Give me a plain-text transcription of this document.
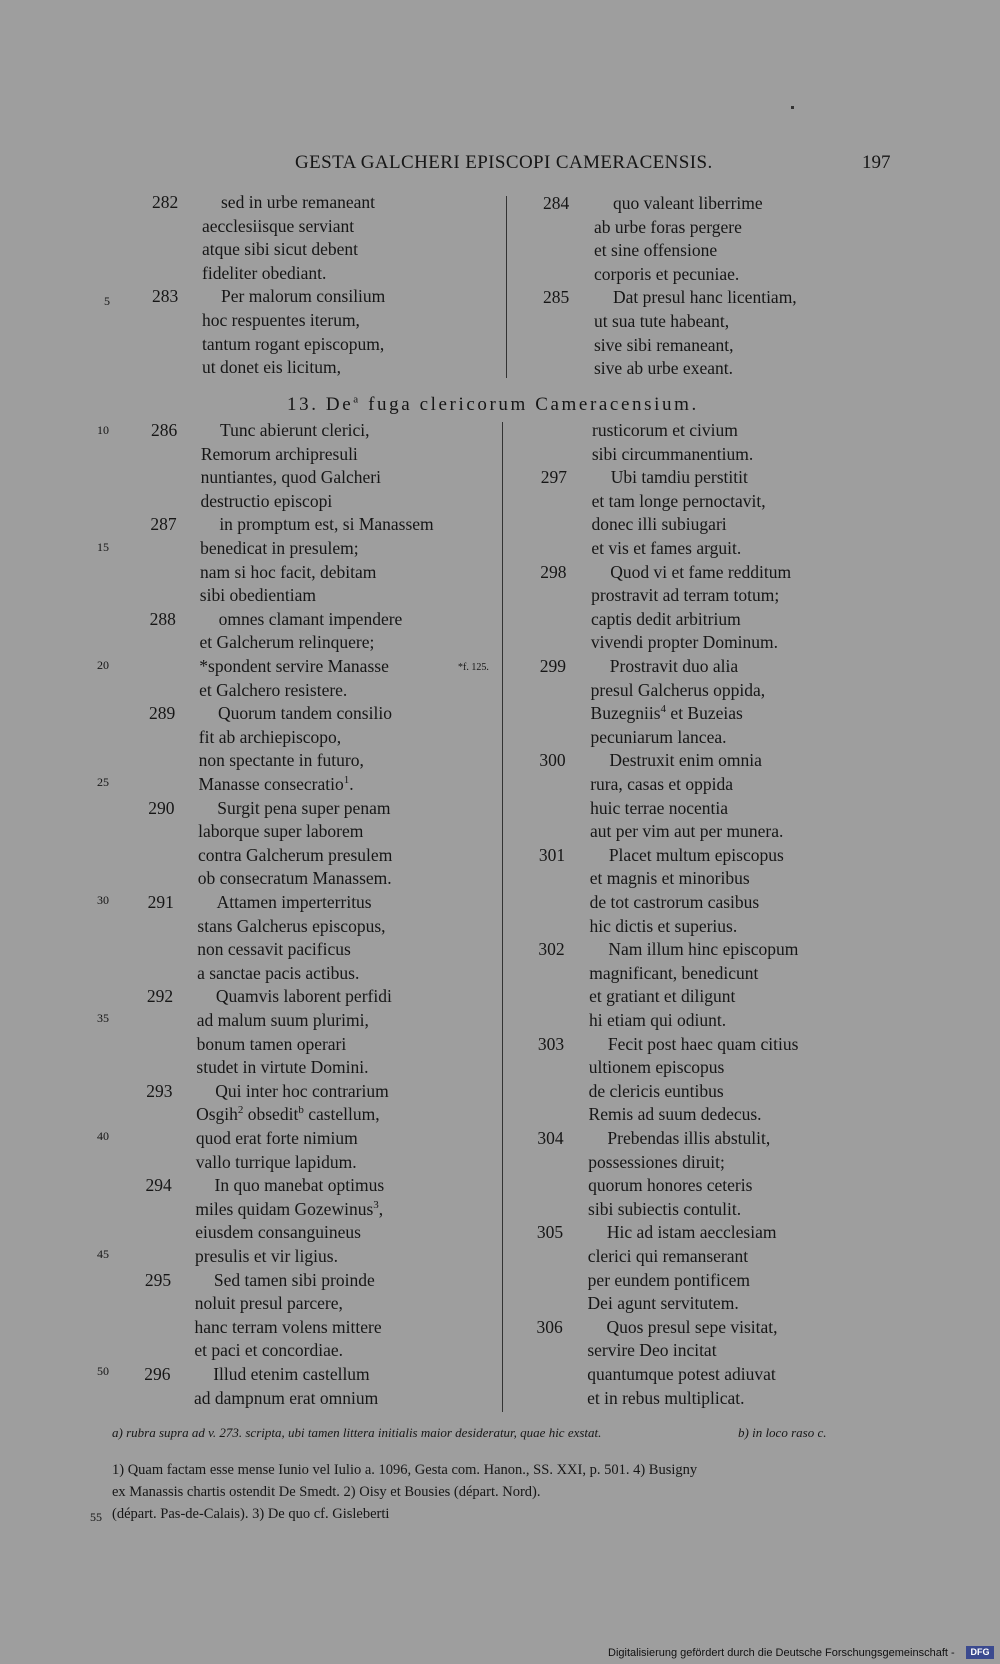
GESTA GALCHERI EPISCOPI CAMERACENSIS.	197
282 sed in urbe remaneant
aecclesiisque serviant
atque sibi sicut debent
fideliter obediant.
283 Per malorum consilium
hoc respuentes iterum,
tantum rogant episcopum,
ut donet eis licitum,
284	quo valeant liberrime
ab urbe foras pergere
et sine offensione
corporis et pecuniae.
285	Dat presul hanc licentiam,
ut sua tute habeant,
sive sibi remaneant,
sive ab urbe exeant.
13. De$^a$ fuga clericorum Cameracensium.
286 Tunc abierunt clerici,
Remorum archipresuli
nuntiantes, quod Galcheri
destructio episcopi
287 in promptum est, si Manassem
benedicat in presulem;
nam si hoc facit, debitam
sibi obedientiam
288 omnes clamant impendere
et Galcherum relinquere;
*spondent servire Manasse
et Galchero resistere.
289 Quorum tandem consilio
fit ab archiepiscopo,
non spectante in futuro,
Manasse consecratio$^1$.
290 Surgit pena super penam
laborque super laborem
contra Galcherum presulem
ob consecratum Manassem.
291 Attamen imperterritus
stans Galcherus episcopus,
non cessavit pacificus
a sanctae pacis actibus.
292 Quamvis laborent perfidi
ad malum suum plurimi,
bonum tamen operari
studet in virtute Domini.
293 Qui inter hoc contrarium
Osgih$^2$ obsedit$^b$ castellum,
quod erat forte nimium
vallo turrique lapidum.
294 In quo manebat optimus
miles quidam Gozewinus$^3$,
eiusdem consanguineus
presulis et vir ligius.
295 Sed tamen sibi proinde
noluit presul parcere,
hanc terram volens mittere
et paci et concordiae.
296 Illud etenim castellum
ad dampnum erat omnium
rusticorum et civium
sibi circummanentium.
297	Ubi tamdiu perstitit
et tam longe pernoctavit,
donec illi subiugari
et vis et fames arguit.
298	Quod vi et fame redditum
prostravit ad terram totum;
captis dedit arbitrium
vivendi propter Dominum.
299	Prostravit duo alia
presul Galcherus oppida,
Buzegniis$^4$ et Buzeias
pecuniarum lancea.
300	Destruxit enim omnia
rura, casas et oppida
huic terrae nocentia
aut per vim aut per munera.
301	Placet multum episcopus
et magnis et minoribus
de tot castrorum casibus
hic dictis et superius.
302	Nam illum hinc episcopum
magnificant, benedicunt
et gratiant et diligunt
hi etiam qui odiunt.
303	Fecit post haec quam citius
ultionem episcopus
de clericis euntibus
Remis ad suum dedecus.
304	Prebendas illis abstulit,
possessiones diruit;
quorum honores ceteris
sibi subiectis contulit.
305	Hic ad istam aecclesiam
clerici qui remanserant
per eundem pontificem
Dei agunt servitutem.
306	Quos presul sepe visitat,
servire Deo incitat
quantumque potest adiuvat
et in rebus multiplicat.
5
10
15
20
25
30
35
40
45
50
55
*f. 125.
a) rubra supra ad v. 273. scripta, ubi tamen littera initialis maior desideratur, quae hic exstat.	b) in loco raso c.
1) Quam factam esse mense Iunio vel Iulio a. 1096, Gesta com. Hanon., SS. XXI, p. 501. 4) Busigny
ex Manassis chartis ostendit De Smedt. 2) Oisy et Bousies (départ. Nord).
(départ. Pas-de-Calais). 3) De quo cf. Gisleberti
Digitalisierung gefördert durch die Deutsche Forschungsgemeinschaft -	DFG
